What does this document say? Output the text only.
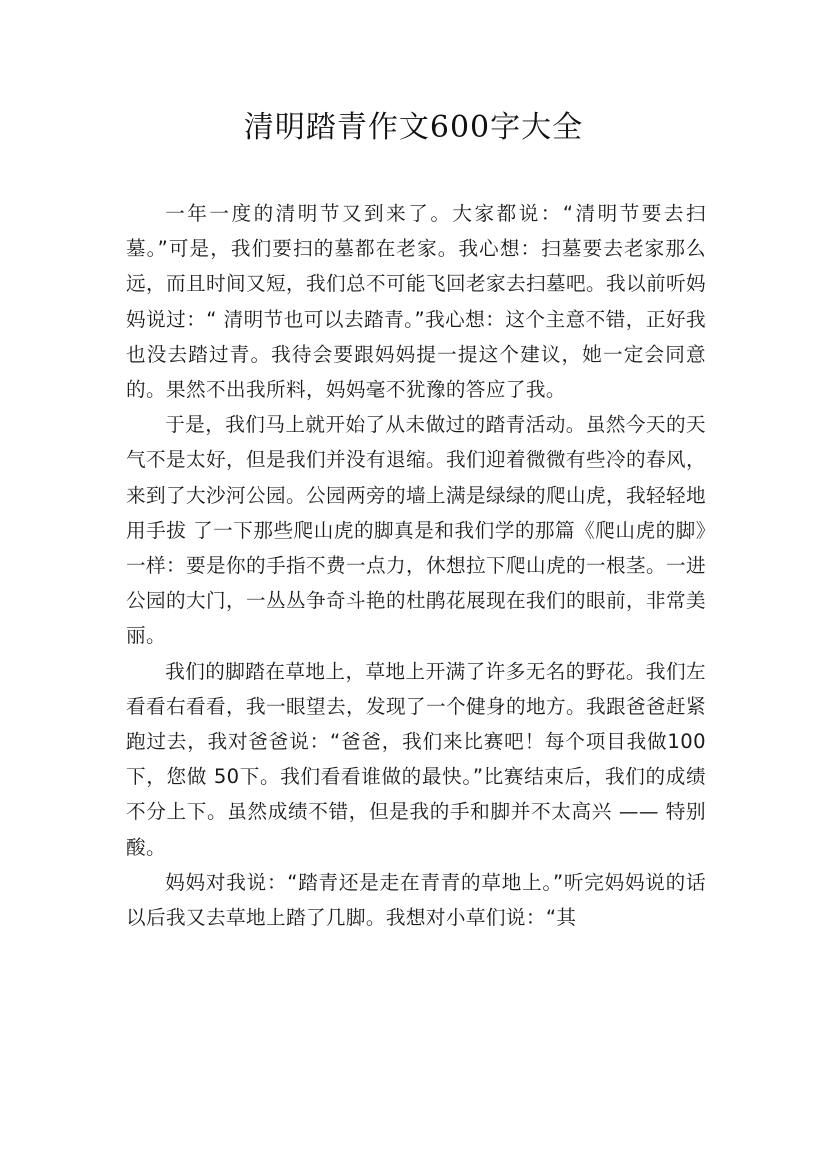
清明踏青作文600字大全

一年一度的清明节又到来了。大家都说：“清明节要去扫墓。”可是，我们要扫的墓都在老家。我心想：扫墓要去老家那么远，而且时间又短，我们总不可能飞回老家去扫墓吧。我以前听妈妈说过：“ 清明节也可以去踏青。”我心想：这个主意不错，正好我也没去踏过青。我待会要跟妈妈提一提这个建议，她一定会同意的。果然不出我所料，妈妈毫不犹豫的答应了我。

于是，我们马上就开始了从未做过的踏青活动。虽然今天的天气不是太好，但是我们并没有退缩。我们迎着微微有些冷的春风，来到了大沙河公园。公园两旁的墙上满是绿绿的爬山虎，我轻轻地用手拔 了一下那些爬山虎的脚真是和我们学的那篇《爬山虎的脚》一样：要是你的手指不费一点力，休想拉下爬山虎的一根茎。一进公园的大门，一丛丛争奇斗艳的杜鹃花展现在我们的眼前，非常美丽。

我们的脚踏在草地上，草地上开满了许多无名的野花。我们左看看右看看，我一眼望去，发现了一个健身的地方。我跟爸爸赶紧跑过去，我对爸爸说：“爸爸，我们来比赛吧！每个项目我做100下，您做 50下。我们看看谁做的最快。”比赛结束后，我们的成绩不分上下。虽然成绩不错，但是我的手和脚并不太高兴 —— 特别酸。

妈妈对我说：“踏青还是走在青青的草地上。”听完妈妈说的话以后我又去草地上踏了几脚。我想对小草们说：“其
